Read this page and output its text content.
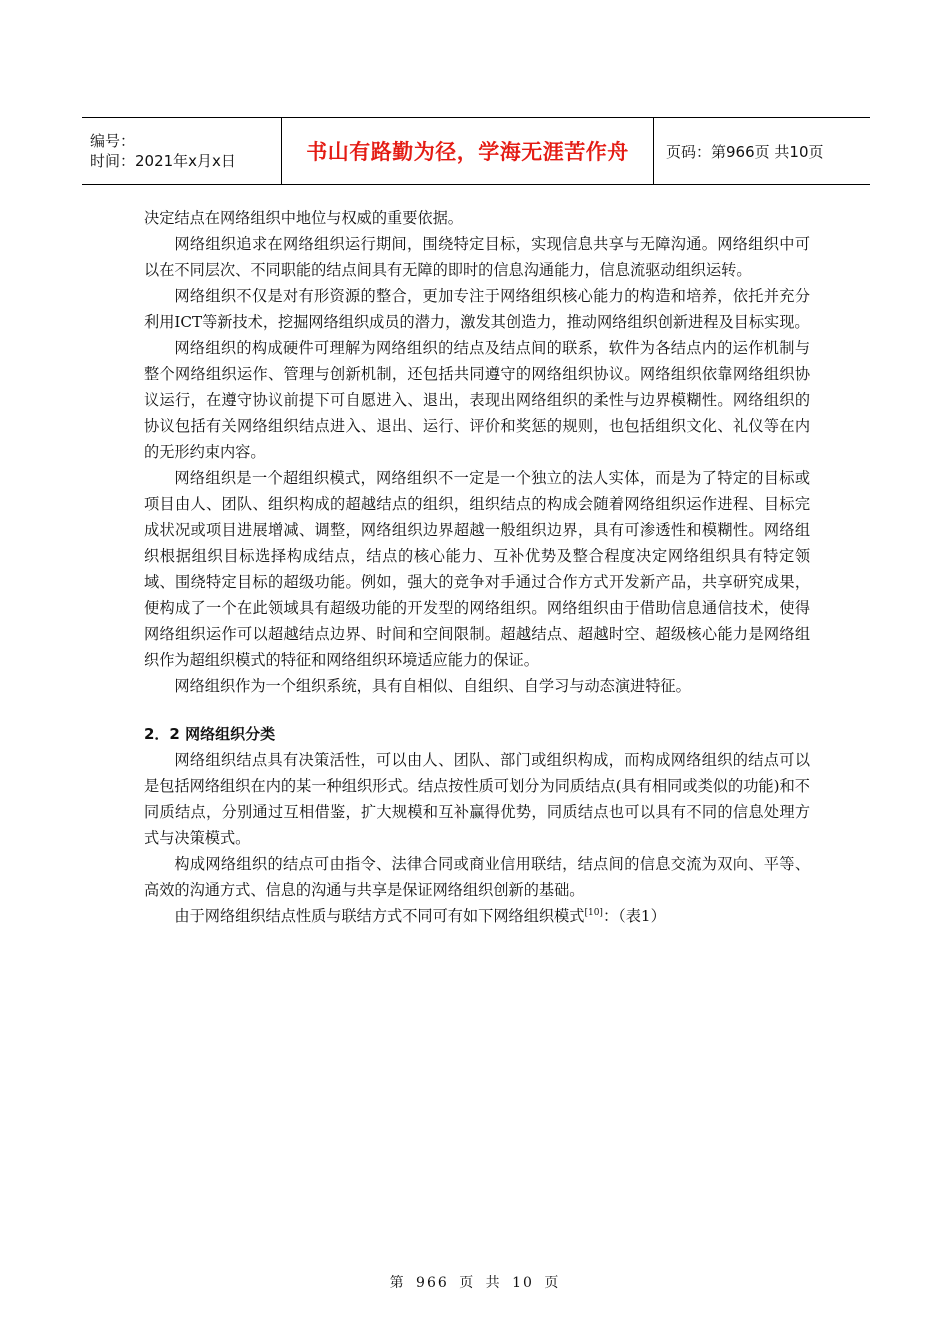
编号：
时间：2021年x月x日	书山有路勤为径，学海无涯苦作舟 页码：第966页 共10页

决定结点在网络组织中地位与权威的重要依据。

网络组织追求在网络组织运行期间，围绕特定目标，实现信息共享与无障沟通。网络组织中可以在不同层次、不同职能的结点间具有无障的即时的信息沟通能力，信息流驱动组织运转。

网络组织不仅是对有形资源的整合，更加专注于网络组织核心能力的构造和培养，依托并充分利用ICT等新技术，挖掘网络组织成员的潜力，激发其创造力，推动网络组织创新进程及目标实现。

网络组织的构成硬件可理解为网络组织的结点及结点间的联系，软件为各结点内的运作机制与整个网络组织运作、管理与创新机制，还包括共同遵守的网络组织协议。网络组织依靠网络组织协议运行，在遵守协议前提下可自愿进入、退出，表现出网络组织的柔性与边界模糊性。网络组织的协议包括有关网络组织结点进入、退出、运行、评价和奖惩的规则，也包括组织文化、礼仪等在内的无形约束内容。

网络组织是一个超组织模式，网络组织不一定是一个独立的法人实体，而是为了特定的目标或项目由人、团队、组织构成的超越结点的组织，组织结点的构成会随着网络组织运作进程、目标完成状况或项目进展增减、调整，网络组织边界超越一般组织边界，具有可渗透性和模糊性。网络组织根据组织目标选择构成结点，结点的核心能力、互补优势及整合程度决定网络组织具有特定领域、围绕特定目标的超级功能。例如，强大的竞争对手通过合作方式开发新产品，共享研究成果，便构成了一个在此领域具有超级功能的开发型的网络组织。网络组织由于借助信息通信技术，使得网络组织运作可以超越结点边界、时间和空间限制。超越结点、超越时空、超级核心能力是网络组织作为超组织模式的特征和网络组织环境适应能力的保证。

网络组织作为一个组织系统，具有自相似、自组织、自学习与动态演进特征。

2．2 网络组织分类

网络组织结点具有决策活性，可以由人、团队、部门或组织构成，而构成网络组织的结点可以是包括网络组织在内的某一种组织形式。结点按性质可划分为同质结点(具有相同或类似的功能)和不同质结点，分别通过互相借鉴，扩大规模和互补赢得优势，同质结点也可以具有不同的信息处理方式与决策模式。

构成网络组织的结点可由指令、法律合同或商业信用联结，结点间的信息交流为双向、平等、高效的沟通方式、信息的沟通与共享是保证网络组织创新的基础。

由于网络组织结点性质与联结方式不同可有如下网络组织模式[10]：（表1）

第 966 页 共 10 页
